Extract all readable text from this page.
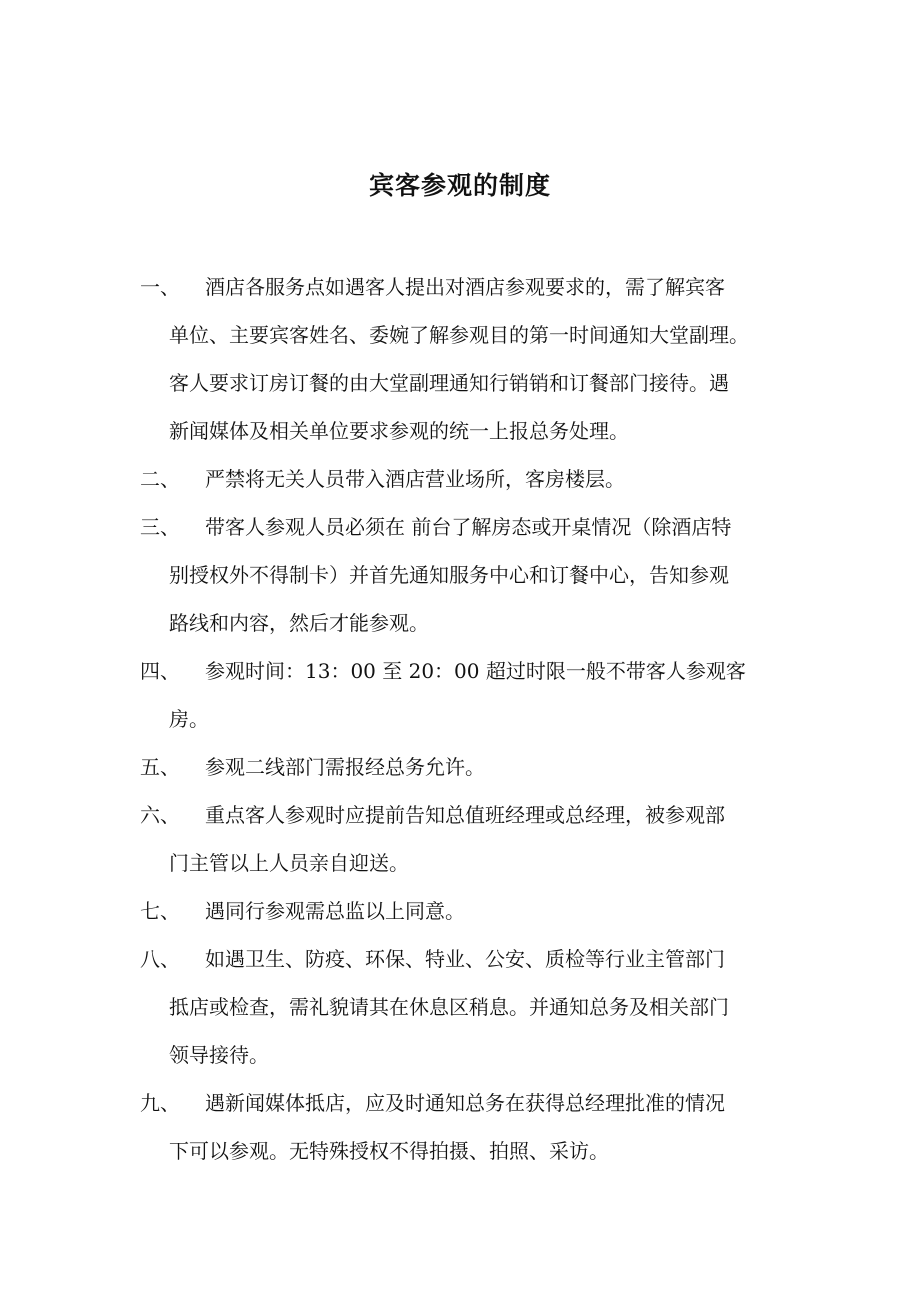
宾客参观的制度
一、 酒店各服务点如遇客人提出对酒店参观要求的，需了解宾客
单位、主要宾客姓名、委婉了解参观目的第一时间通知大堂副理。
客人要求订房订餐的由大堂副理通知行销销和订餐部门接待。遇
新闻媒体及相关单位要求参观的统一上报总务处理。
二、 严禁将无关人员带入酒店营业场所，客房楼层。
三、 带客人参观人员必须在 前台了解房态或开桌情况（除酒店特
别授权外不得制卡）并首先通知服务中心和订餐中心，告知参观
路线和内容，然后才能参观。
四、 参观时间：13：00 至 20：00 超过时限一般不带客人参观客
房。
五、 参观二线部门需报经总务允许。
六、 重点客人参观时应提前告知总值班经理或总经理，被参观部
门主管以上人员亲自迎送。
七、 遇同行参观需总监以上同意。
八、 如遇卫生、防疫、环保、特业、公安、质检等行业主管部门
抵店或检查，需礼貌请其在休息区稍息。并通知总务及相关部门
领导接待。
九、 遇新闻媒体抵店，应及时通知总务在获得总经理批准的情况
下可以参观。无特殊授权不得拍摄、拍照、采访。
